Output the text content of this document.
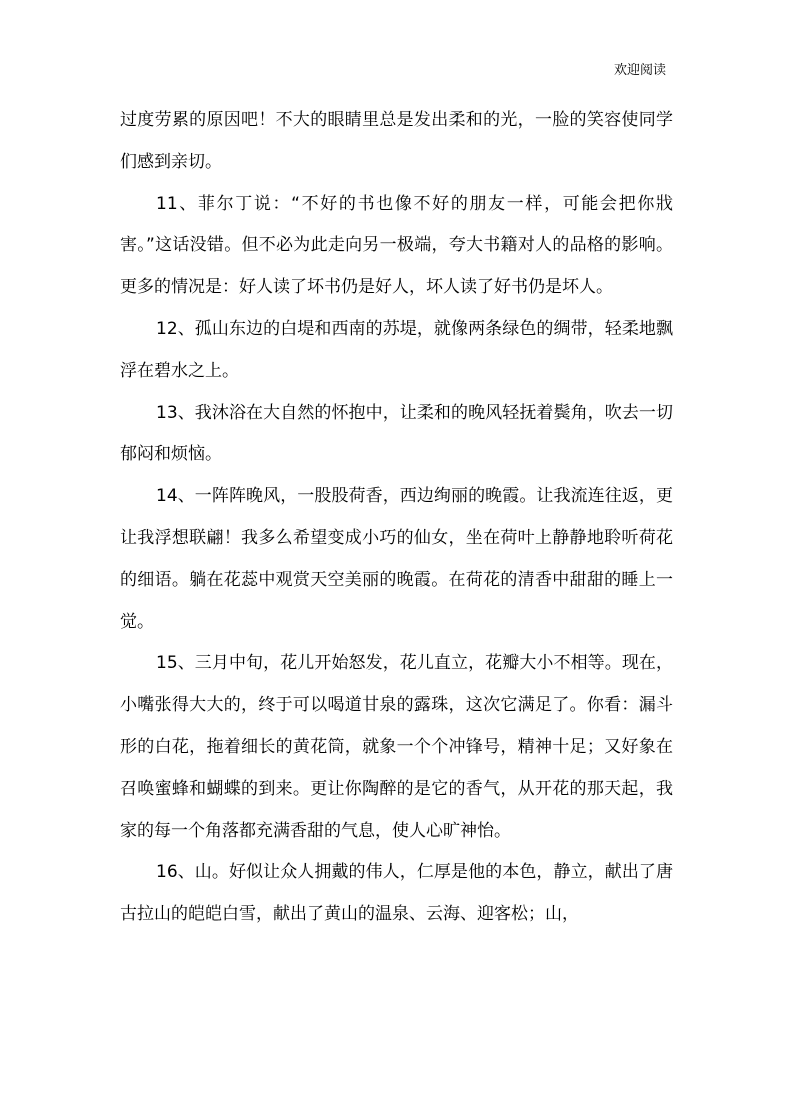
欢迎阅读

过度劳累的原因吧！不大的眼睛里总是发出柔和的光，一脸的笑容使同学们感到亲切。

11、菲尔丁说：“不好的书也像不好的朋友一样，可能会把你戕害。”这话没错。但不必为此走向另一极端，夸大书籍对人的品格的影响。更多的情况是：好人读了坏书仍是好人，坏人读了好书仍是坏人。

12、孤山东边的白堤和西南的苏堤，就像两条绿色的绸带，轻柔地飘浮在碧水之上。

13、我沐浴在大自然的怀抱中，让柔和的晚风轻抚着鬓角，吹去一切郁闷和烦恼。

14、一阵阵晚风，一股股荷香，西边绚丽的晚霞。让我流连往返，更让我浮想联翩！我多么希望变成小巧的仙女，坐在荷叶上静静地聆听荷花的细语。躺在花蕊中观赏天空美丽的晚霞。在荷花的清香中甜甜的睡上一觉。

15、三月中旬，花儿开始怒发，花儿直立，花瓣大小不相等。现在，小嘴张得大大的，终于可以喝道甘泉的露珠，这次它满足了。你看：漏斗形的白花，拖着细长的黄花筒，就象一个个冲锋号，精神十足；又好象在召唤蜜蜂和蝴蝶的到来。更让你陶醉的是它的香气，从开花的那天起，我家的每一个角落都充满香甜的气息，使人心旷神怡。

16、山。好似让众人拥戴的伟人，仁厚是他的本色，静立，献出了唐古拉山的皑皑白雪，献出了黄山的温泉、云海、迎客松；山，
